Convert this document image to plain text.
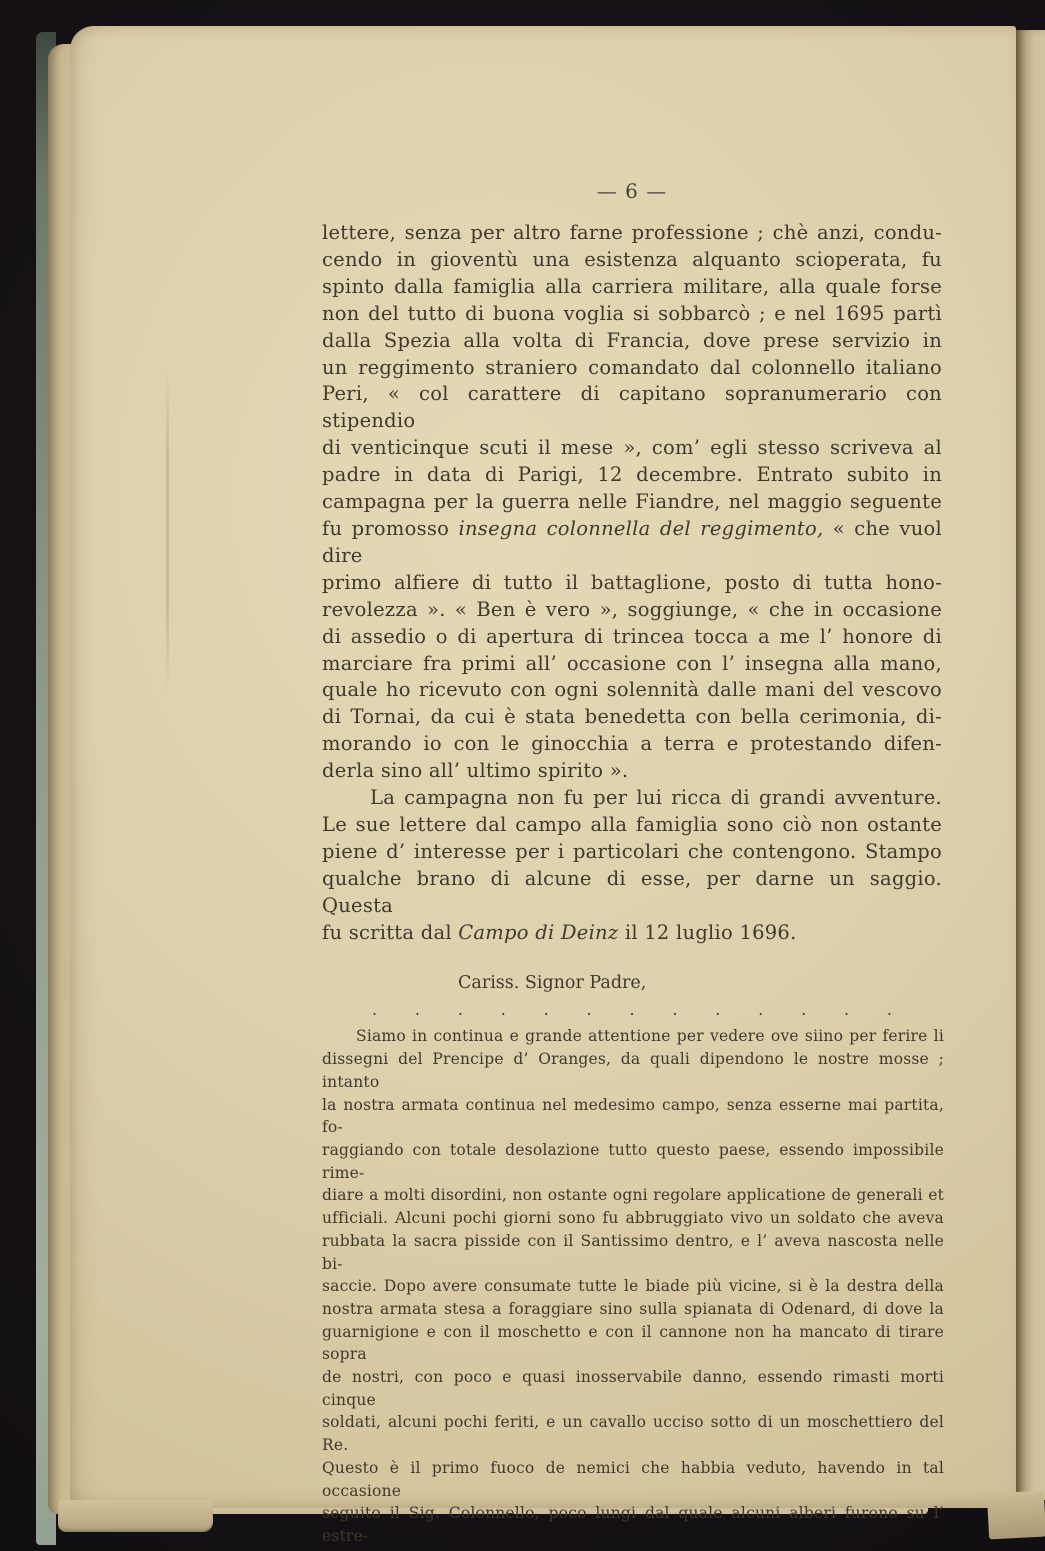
— 6 —
lettere, senza per altro farne professione ; chè anzi, condu-
cendo in gioventù una esistenza alquanto scioperata, fu
spinto dalla famiglia alla carriera militare, alla quale forse
non del tutto di buona voglia si sobbarcò ; e nel 1695 partì
dalla Spezia alla volta di Francia, dove prese servizio in
un reggimento straniero comandato dal colonnello italiano
Peri, « col carattere di capitano sopranumerario con stipendio
di venticinque scuti il mese », com’ egli stesso scriveva al
padre in data di Parigi, 12 decembre. Entrato subito in
campagna per la guerra nelle Fiandre, nel maggio seguente
fu promosso insegna colonnella del reggimento, « che vuol dire
primo alfiere di tutto il battaglione, posto di tutta hono-
revolezza ». « Ben è vero », soggiunge, « che in occasione
di assedio o di apertura di trincea tocca a me l’ honore di
marciare fra primi all’ occasione con l’ insegna alla mano,
quale ho ricevuto con ogni solennità dalle mani del vescovo
di Tornai, da cui è stata benedetta con bella cerimonia, di-
morando io con le ginocchia a terra e protestando difen-
derla sino all’ ultimo spirito ».
La campagna non fu per lui ricca di grandi avventure.
Le sue lettere dal campo alla famiglia sono ciò non ostante
piene d’ interesse per i particolari che contengono. Stampo
qualche brano di alcune di esse, per darne un saggio. Questa
fu scritta dal Campo di Deinz il 12 luglio 1696.
Cariss. Signor Padre,
. . . . . . . . . . . . .
Siamo in continua e grande attentione per vedere ove siino per ferire li
dissegni del Prencipe d’ Oranges, da quali dipendono le nostre mosse ; intanto
la nostra armata continua nel medesimo campo, senza esserne mai partita, fo-
raggiando con totale desolazione tutto questo paese, essendo impossibile rime-
diare a molti disordini, non ostante ogni regolare applicatione de generali et
ufficiali. Alcuni pochi giorni sono fu abbruggiato vivo un soldato che aveva
rubbata la sacra pisside con il Santissimo dentro, e l’ aveva nascosta nelle bi-
saccie. Dopo avere consumate tutte le biade più vicine, si è la destra della
nostra armata stesa a foraggiare sino sulla spianata di Odenard, di dove la
guarnigione e con il moschetto e con il cannone non ha mancato di tirare sopra
de nostri, con poco e quasi inosservabile danno, essendo rimasti morti cinque
soldati, alcuni pochi feriti, e un cavallo ucciso sotto di un moschettiero del Re.
Questo è il primo fuoco de nemici che habbia veduto, havendo in tal occasione
seguito il Sig. Colonnello, poco lungi dal quale alcuni alberi furono su l’ estre-
